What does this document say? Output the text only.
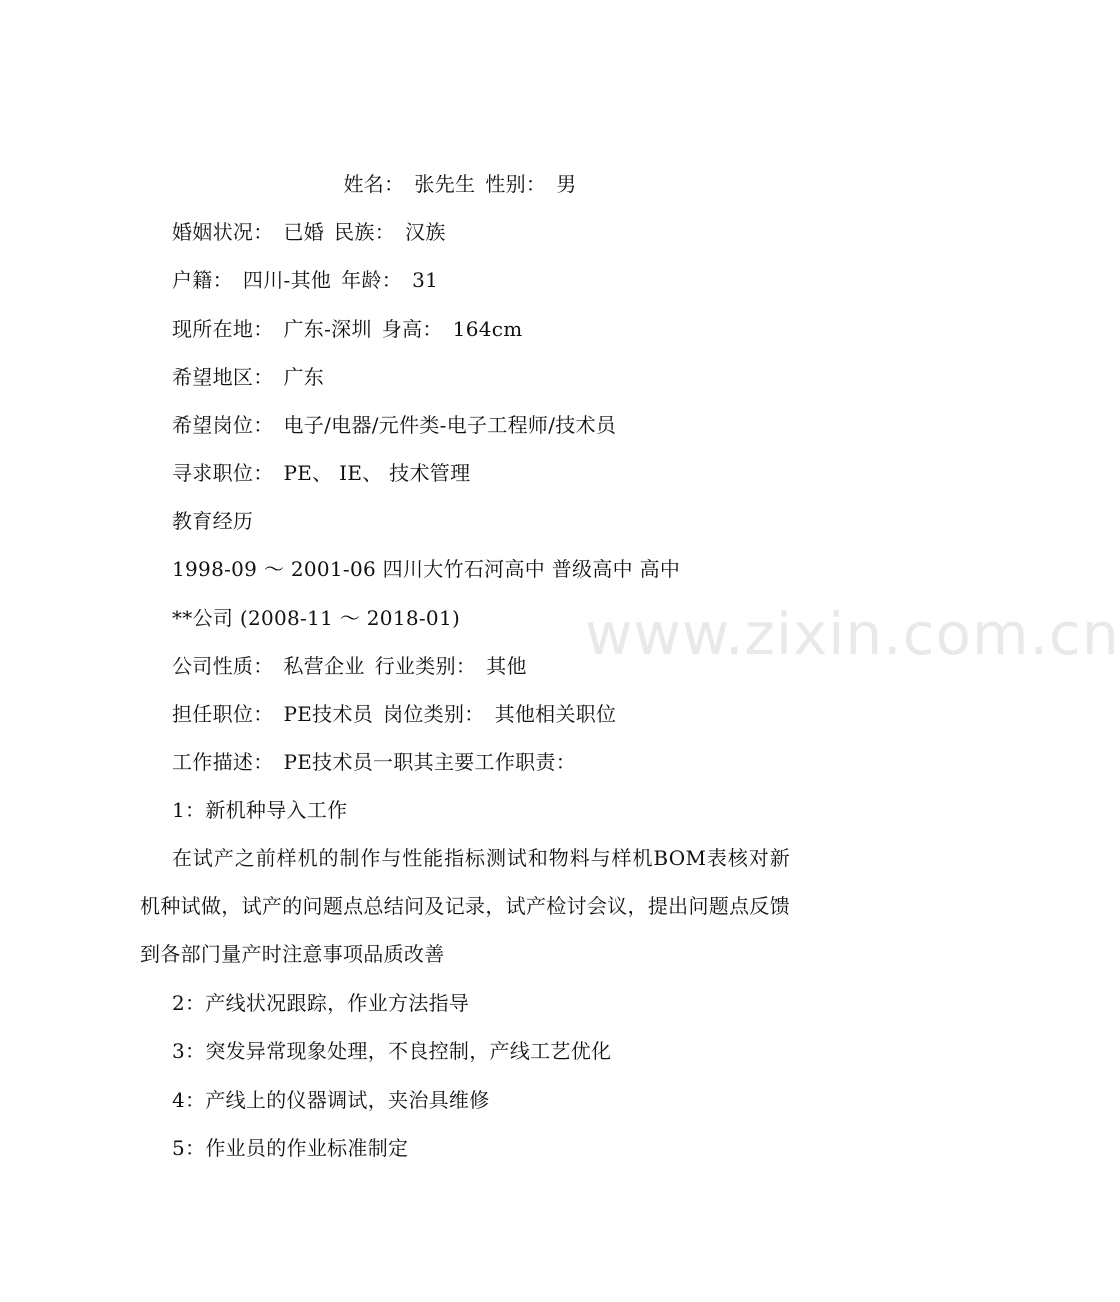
姓名： 张先生 性别： 男
婚姻状况： 已婚 民族： 汉族
户籍： 四川-其他 年龄： 31
现所在地： 广东-深圳 身高： 164cm
希望地区： 广东
希望岗位： 电子/电器/元件类-电子工程师/技术员
寻求职位： PE、 IE、 技术管理
教育经历
1998-09 ～ 2001-06 四川大竹石河高中 普级高中 高中
**公司 (2008-11 ～ 2018-01)
公司性质： 私营企业 行业类别： 其他
担任职位： PE技术员 岗位类别： 其他相关职位
工作描述： PE技术员一职其主要工作职责：
1：新机种导入工作
在试产之前样机的制作与性能指标测试和物料与样机BOM表核对新机种试做，试产的问题点总结问及记录，试产检讨会议，提出问题点反馈到各部门量产时注意事项品质改善
2：产线状况跟踪，作业方法指导
3：突发异常现象处理，不良控制，产线工艺优化
4：产线上的仪器调试，夹治具维修
5：作业员的作业标准制定
www.zixin.com.cn
